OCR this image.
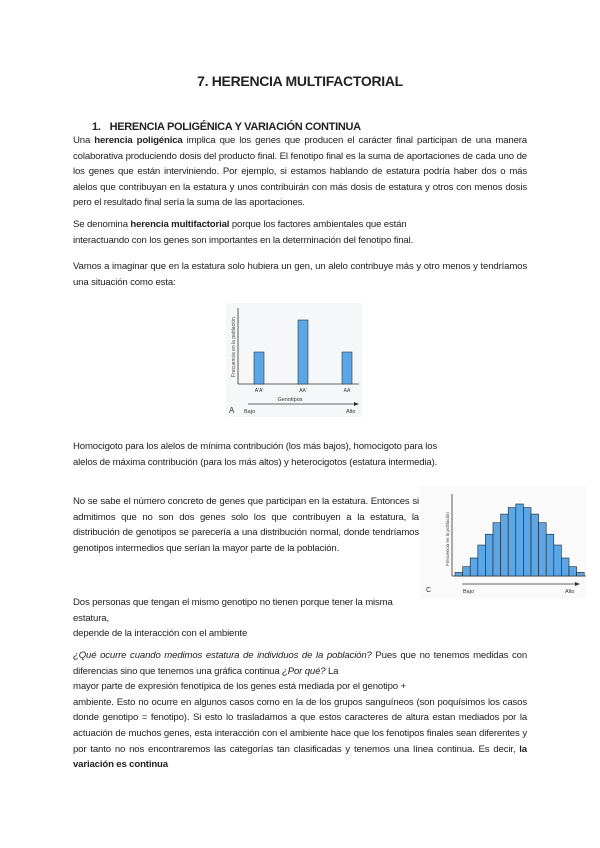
7. HERENCIA MULTIFACTORIAL
1. HERENCIA POLIGÉNICA Y VARIACIÓN CONTINUA

Una herencia poligénica implica que los genes que producen el carácter final participan de una manera colaborativa produciendo dosis del producto final. El fenotipo final es la suma de aportaciones de cada uno de los genes que están interviniendo. Por ejemplo, si estamos hablando de estatura podría haber dos o más alelos que contribuyan en la estatura y unos contribuirán con más dosis de estatura y otros con menos dosis pero el resultado final sería la suma de las aportaciones.

Se denomina herencia multifactorial porque los factores ambientales que están
interactuando con los genes son importantes en la determinación del fenotipo final.

Vamos a imaginar que en la estatura solo hubiera un gen, un alelo contribuye más y otro menos y tendríamos una situación como esta:

Frecuencia en la población
A'A'	AA'	AA
Genotipos
A Bajo	Alto

Homocigoto para los alelos de mínima contribución (los más bajos), homocigoto para los
alelos de máxima contribución (para los más altos) y heterocigotos (estatura intermedia).

No se sabe el número concreto de genes que participan en la estatura. Entonces si admitimos que no son dos genes solo los que contribuyen a la estatura, la distribución de genotipos se parecería a una distribución normal, donde tendríamos genotipos intermedios que serían la mayor parte de la población.	Frecuencia en la población
C	Bajo	Alto

Dos personas que tengan el mismo genotipo no tienen porque tener la misma
estatura,
depende de la interacción con el ambiente

¿Qué ocurre cuando medimos estatura de individuos de la población? Pues que no tenemos medidas con diferencias sino que tenemos una gráfica continua ¿Por qué? La

mayor parte de expresión fenotípica de los genes está mediada por el genotipo +

ambiente. Esto no ocurre en algunos casos como en la de los grupos sanguíneos (son poquísimos los casos donde genotipo = fenotipo). Si esto lo trasladamos a que estos caracteres de altura estan mediados por la actuación de muchos genes, esta interacción con el ambiente hace que los fenotipos finales sean diferentes y por tanto no nos encontraremos las categorías tan clasificadas y tenemos una línea continua. Es decir, la variación es continua
